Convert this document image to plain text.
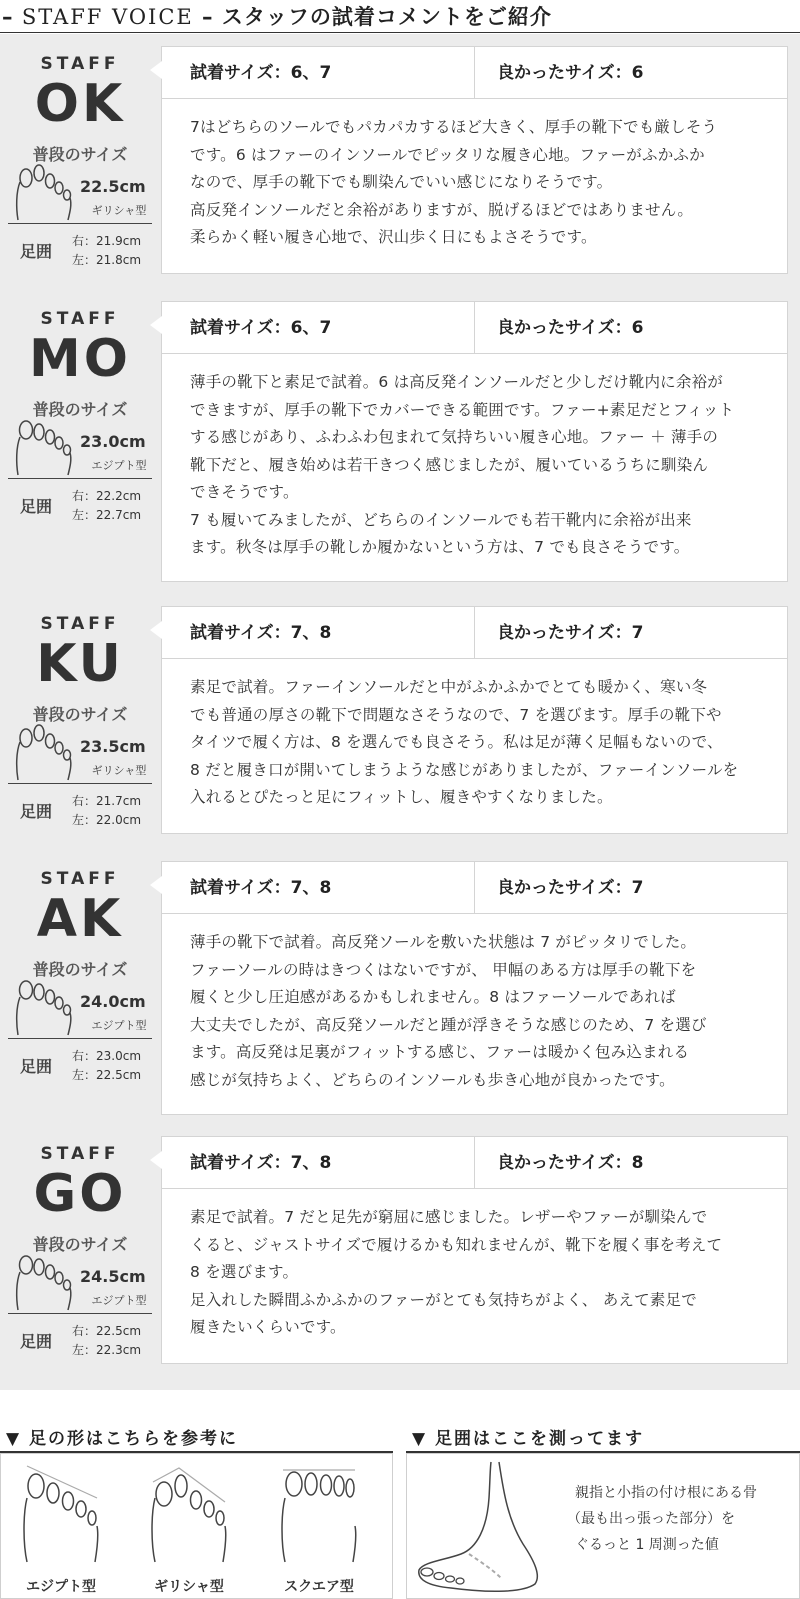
– STAFF VOICE – スタッフの試着コメントをご紹介
STAFF
OK
普段のサイズ
22.5cm
ギリシャ型
足囲
右：21.9cm
左：21.8cm
試着サイズ：6、7	良かったサイズ：6
7はどちらのソールでもパカパカするほど大きく、厚手の靴下でも厳しそう
です。6 はファーのインソールでピッタリな履き心地。ファーがふかふか
なので、厚手の靴下でも馴染んでいい感じになりそうです。
高反発インソールだと余裕がありますが、脱げるほどではありません。
柔らかく軽い履き心地で、沢山歩く日にもよさそうです。
STAFF
MO
普段のサイズ
23.0cm
エジプト型
足囲
右：22.2cm
左：22.7cm
試着サイズ：6、7	良かったサイズ：6
薄手の靴下と素足で試着。6 は高反発インソールだと少しだけ靴内に余裕が
できますが、厚手の靴下でカバーできる範囲です。ファー+素足だとフィット
する感じがあり、ふわふわ包まれて気持ちいい履き心地。ファー ＋ 薄手の
靴下だと、履き始めは若干きつく感じましたが、履いているうちに馴染ん
できそうです。
7 も履いてみましたが、どちらのインソールでも若干靴内に余裕が出来
ます。秋冬は厚手の靴しか履かないという方は、7 でも良さそうです。
STAFF
KU
普段のサイズ
23.5cm
ギリシャ型
足囲
右：21.7cm
左：22.0cm
試着サイズ：7、8	良かったサイズ：7
素足で試着。ファーインソールだと中がふかふかでとても暖かく、寒い冬
でも普通の厚さの靴下で問題なさそうなので、7 を選びます。厚手の靴下や
タイツで履く方は、8 を選んでも良さそう。私は足が薄く足幅もないので、
8 だと履き口が開いてしまうような感じがありましたが、ファーインソールを
入れるとぴたっと足にフィットし、履きやすくなりました。
STAFF
AK
普段のサイズ
24.0cm
エジプト型
足囲
右：23.0cm
左：22.5cm
試着サイズ：7、8	良かったサイズ：7
薄手の靴下で試着。高反発ソールを敷いた状態は 7 がピッタリでした。
ファーソールの時はきつくはないですが、 甲幅のある方は厚手の靴下を
履くと少し圧迫感があるかもしれません。8 はファーソールであれば
大丈夫でしたが、高反発ソールだと踵が浮きそうな感じのため、7 を選び
ます。高反発は足裏がフィットする感じ、ファーは暖かく包み込まれる
感じが気持ちよく、どちらのインソールも歩き心地が良かったです。
STAFF
GO
普段のサイズ
24.5cm
エジプト型
足囲
右：22.5cm
左：22.3cm
試着サイズ：7、8	良かったサイズ：8
素足で試着。7 だと足先が窮屈に感じました。レザーやファーが馴染んで
くると、ジャストサイズで履けるかも知れませんが、靴下を履く事を考えて
8 を選びます。
足入れした瞬間ふかふかのファーがとても気持ちがよく、 あえて素足で
履きたいくらいです。
▼ 足の形はこちらを参考に
エジプト型	ギリシャ型	スクエア型
▼ 足囲はここを測ってます
親指と小指の付け根にある骨
（最も出っ張った部分）を
ぐるっと 1 周測った値
